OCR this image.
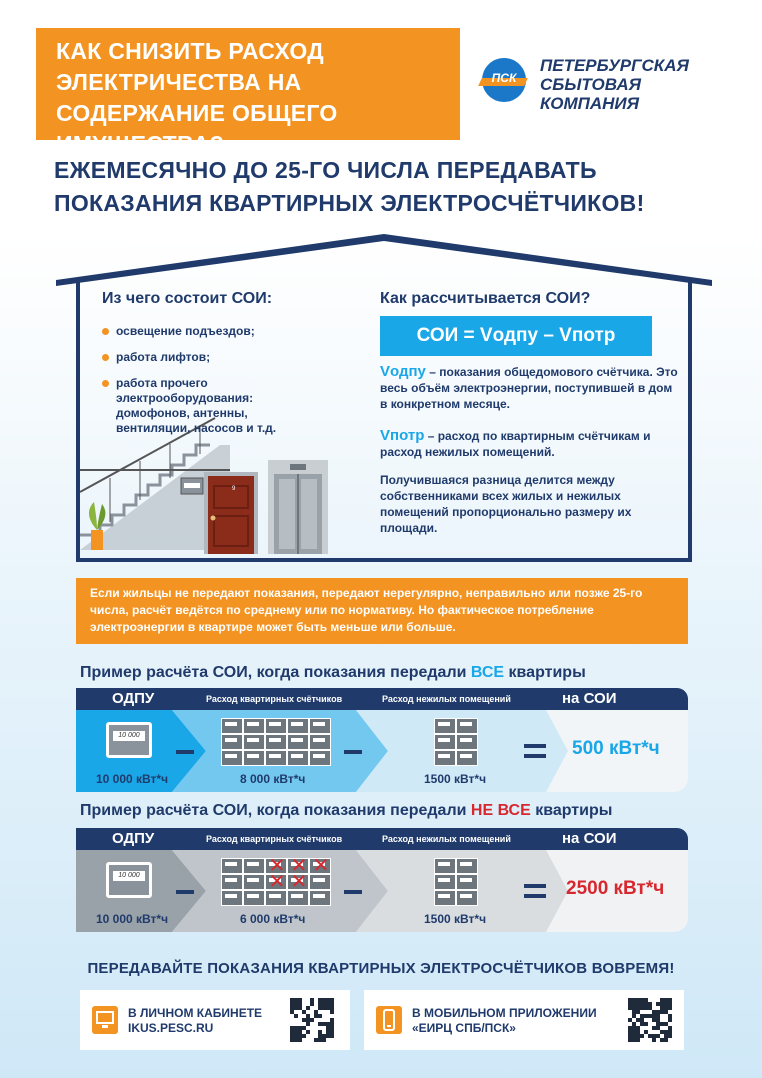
КАК СНИЗИТЬ РАСХОД ЭЛЕКТРИЧЕСТВА НА СОДЕРЖАНИЕ ОБЩЕГО ИМУЩЕСТВА?
ПСК
ПЕТЕРБУРГСКАЯ СБЫТОВАЯ КОМПАНИЯ
ЕЖЕМЕСЯЧНО ДО 25-ГО ЧИСЛА ПЕРЕДАВАТЬ ПОКАЗАНИЯ КВАРТИРНЫХ ЭЛЕКТРОСЧЁТЧИКОВ!
9
Из чего состоит СОИ:
освещение подъездов;
работа лифтов;
работа прочего электрооборудования: домофонов, антенны, вентиляции, насосов и т.д.
Как рассчитывается СОИ?
СОИ = Vодпу – Vпотр
Vодпу – показания общедомового счётчика. Это весь объём электроэнергии, поступившей в дом в конкретном месяце.
Vпотр – расход по квартирным счётчикам и расход нежилых помещений.
Получившаяся разница делится между собственниками всех жилых и нежилых помещений пропорционально размеру их площади.
Если жильцы не передают показания, передают нерегулярно, неправильно или позже 25-го числа, расчёт ведётся по среднему или по нормативу. Но фактическое потребление электроэнергии в квартире может быть меньше или больше.
Пример расчёта СОИ, когда показания передали ВСЕ квартиры
ОДПУ	Расход квартирных счётчиков	Расход нежилых помещений	на СОИ
10 000
10 000 кВт*ч	8 000 кВт*ч	1500 кВт*ч
500 кВт*ч
Пример расчёта СОИ, когда показания передали НЕ ВСЕ квартиры
ОДПУ	Расход квартирных счётчиков	Расход нежилых помещений	на СОИ
10 000
✕
✕
✕
✕
✕
10 000 кВт*ч	6 000 кВт*ч	1500 кВт*ч
2500 кВт*ч
ПЕРЕДАВАЙТЕ ПОКАЗАНИЯ КВАРТИРНЫХ ЭЛЕКТРОСЧЁТЧИКОВ ВОВРЕМЯ!
В ЛИЧНОМ КАБИНЕТЕ
IKUS.PESC.RU
В МОБИЛЬНОМ ПРИЛОЖЕНИИ
«ЕИРЦ СПБ/ПСК»
